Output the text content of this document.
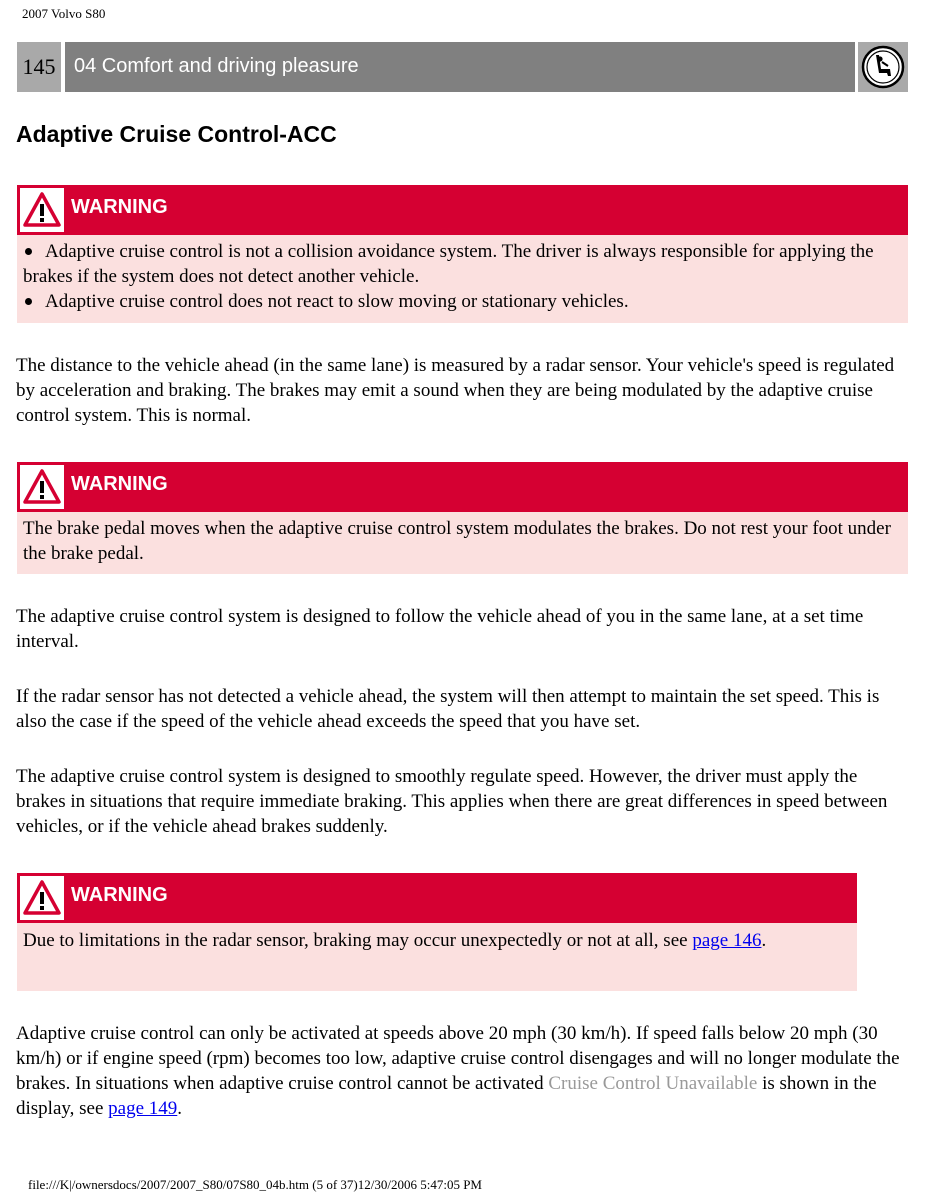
2007 Volvo S80
145 04 Comfort and driving pleasure
Adaptive Cruise Control-ACC
WARNING

Adaptive cruise control is not a collision avoidance system. The driver is always responsible for applying the brakes if the system does not detect another vehicle.

Adaptive cruise control does not react to slow moving or stationary vehicles.

The distance to the vehicle ahead (in the same lane) is measured by a radar sensor. Your vehicle's speed is regulated by acceleration and braking. The brakes may emit a sound when they are being modulated by the adaptive cruise control system. This is normal.

WARNING

The brake pedal moves when the adaptive cruise control system modulates the brakes. Do not rest your foot under the brake pedal.

The adaptive cruise control system is designed to follow the vehicle ahead of you in the same lane, at a set time interval.

If the radar sensor has not detected a vehicle ahead, the system will then attempt to maintain the set speed. This is also the case if the speed of the vehicle ahead exceeds the speed that you have set.

The adaptive cruise control system is designed to smoothly regulate speed. However, the driver must apply the brakes in situations that require immediate braking. This applies when there are great differences in speed between vehicles, or if the vehicle ahead brakes suddenly.

WARNING

Due to limitations in the radar sensor, braking may occur unexpectedly or not at all, see page 146.

Adaptive cruise control can only be activated at speeds above 20 mph (30 km/h). If speed falls below 20 mph (30 km/h) or if engine speed (rpm) becomes too low, adaptive cruise control disengages and will no longer modulate the brakes. In situations when adaptive cruise control cannot be activated Cruise Control Unavailable is shown in the display, see page 149.

file:///K|/ownersdocs/2007/2007_S80/07S80_04b.htm (5 of 37)12/30/2006 5:47:05 PM
